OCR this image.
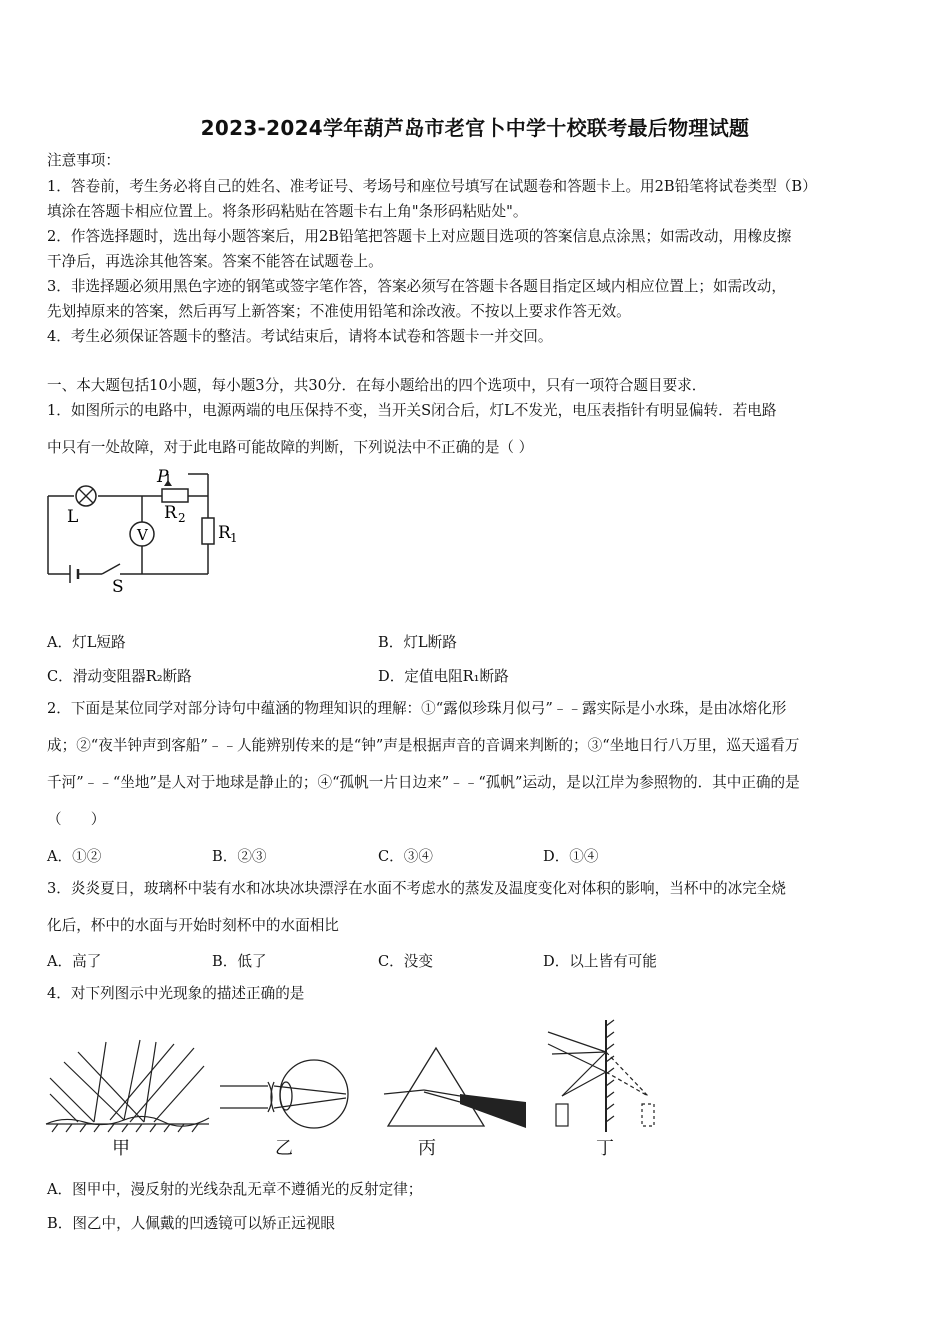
2023-2024学年葫芦岛市老官卜中学十校联考最后物理试题
注意事项：
1．答卷前，考生务必将自己的姓名、准考证号、考场号和座位号填写在试题卷和答题卡上。用2B铅笔将试卷类型（B）
填涂在答题卡相应位置上。将条形码粘贴在答题卡右上角"条形码粘贴处"。
2．作答选择题时，选出每小题答案后，用2B铅笔把答题卡上对应题目选项的答案信息点涂黑；如需改动，用橡皮擦
干净后，再选涂其他答案。答案不能答在试题卷上。
3．非选择题必须用黑色字迹的钢笔或签字笔作答，答案必须写在答题卡各题目指定区域内相应位置上；如需改动，
先划掉原来的答案，然后再写上新答案；不准使用铅笔和涂改液。不按以上要求作答无效。
4．考生必须保证答题卡的整洁。考试结束后，请将本试卷和答题卡一并交回。
一、本大题包括10小题，每小题3分，共30分．在每小题给出的四个选项中，只有一项符合题目要求．
1．如图所示的电路中，电源两端的电压保持不变，当开关S闭合后，灯L不发光，电压表指针有明显偏转．若电路
中只有一处故障，对于此电路可能故障的判断，下列说法中不正确的是（ ）
V
L
P
R 2
R 1
S
A．灯L短路	B．灯L断路
C．滑动变阻器R₂断路	D．定值电阻R₁断路
2．下面是某位同学对部分诗句中蕴涵的物理知识的理解：①“露似珍珠月似弓”﹣﹣露实际是小水珠，是由冰熔化形
成；②“夜半钟声到客船”﹣﹣人能辨别传来的是“钟”声是根据声音的音调来判断的；③“坐地日行八万里，巡天遥看万
千河”﹣﹣“坐地”是人对于地球是静止的；④“孤帆一片日边来”﹣﹣“孤帆”运动，是以江岸为参照物的．其中正确的是
（　　）
A．①②	B．②③	C．③④	D．①④
3．炎炎夏日，玻璃杯中装有水和冰块冰块漂浮在水面不考虑水的蒸发及温度变化对体积的影响，当杯中的冰完全烧
化后，杯中的水面与开始时刻杯中的水面相比
A．高了	B．低了	C．没变	D．以上皆有可能
4．对下列图示中光现象的描述正确的是
甲	乙	丙	丁
A．图甲中，漫反射的光线杂乱无章不遵循光的反射定律；
B．图乙中，人佩戴的凹透镜可以矫正远视眼
